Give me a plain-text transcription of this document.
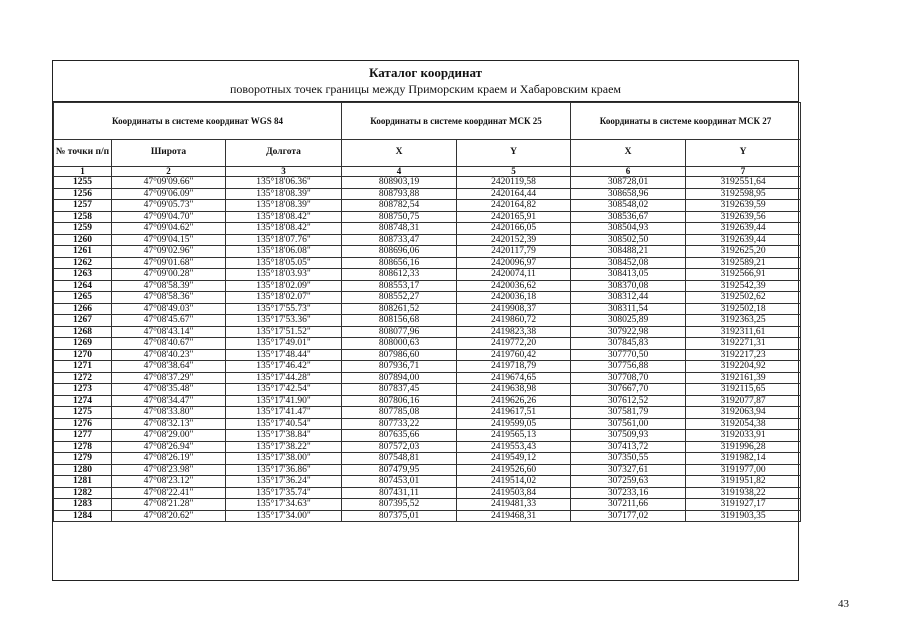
Каталог координат
поворотных точек границы между Приморским краем и Хабаровским краем
Координаты в системе координат WGS 84			Координаты в системе координат МСК 25		Координаты в системе координат МСК 27	
№ точки п/п	Широта	Долгота	X	Y	X	Y
1	2	3	4	5	6	7
1255	47°09'09.66"	135°18'06.36"	808903,19	2420119,58	308728,01	3192551,64
1256	47°09'06.09"	135°18'08.39"	808793,88	2420164,44	308658,96	3192598,95
1257	47°09'05.73"	135°18'08.39"	808782,54	2420164,82	308548,02	3192639,59
1258	47°09'04.70"	135°18'08.42"	808750,75	2420165,91	308536,67	3192639,56
1259	47°09'04.62"	135°18'08.42"	808748,31	2420166,05	308504,93	3192639,44
1260	47°09'04.15"	135°18'07.76"	808733,47	2420152,39	308502,50	3192639,44
1261	47°09'02.96"	135°18'06.08"	808696,06	2420117,79	308488,21	3192625,20
1262	47°09'01.68"	135°18'05.05"	808656,16	2420096,97	308452,08	3192589,21
1263	47°09'00.28"	135°18'03.93"	808612,33	2420074,11	308413,05	3192566,91
1264	47°08'58.39"	135°18'02.09"	808553,17	2420036,62	308370,08	3192542,39
1265	47°08'58.36"	135°18'02.07"	808552,27	2420036,18	308312,44	3192502,62
1266	47°08'49.03"	135°17'55.73"	808261,52	2419908,37	308311,54	3192502,18
1267	47°08'45.67"	135°17'53.36"	808156,68	2419860,72	308025,89	3192363,25
1268	47°08'43.14"	135°17'51.52"	808077,96	2419823,38	307922,98	3192311,61
1269	47°08'40.67"	135°17'49.01"	808000,63	2419772,20	307845,83	3192271,31
1270	47°08'40.23"	135°17'48.44"	807986,60	2419760,42	307770,50	3192217,23
1271	47°08'38.64"	135°17'46.42"	807936,71	2419718,79	307756,88	3192204,92
1272	47°08'37.29"	135°17'44.28"	807894,00	2419674,65	307708,70	3192161,39
1273	47°08'35.48"	135°17'42.54"	807837,45	2419638,98	307667,70	3192115,65
1274	47°08'34.47"	135°17'41.90"	807806,16	2419626,26	307612,52	3192077,87
1275	47°08'33.80"	135°17'41.47"	807785,08	2419617,51	307581,79	3192063,94
1276	47°08'32.13"	135°17'40.54"	807733,22	2419599,05	307561,00	3192054,38
1277	47°08'29.00"	135°17'38.84"	807635,66	2419565,13	307509,93	3192033,91
1278	47°08'26.94"	135°17'38.22"	807572,03	2419553,43	307413,72	3191996,28
1279	47°08'26.19"	135°17'38.00"	807548,81	2419549,12	307350,55	3191982,14
1280	47°08'23.98"	135°17'36.86"	807479,95	2419526,60	307327,61	3191977,00
1281	47°08'23.12"	135°17'36.24"	807453,01	2419514,02	307259,63	3191951,82
1282	47°08'22.41"	135°17'35.74"	807431,11	2419503,84	307233,16	3191938,22
1283	47°08'21.28"	135°17'34.63"	807395,52	2419481,33	307211,66	3191927,17
1284	47°08'20.62"	135°17'34.00"	807375,01	2419468,31	307177,02	3191903,35
43
